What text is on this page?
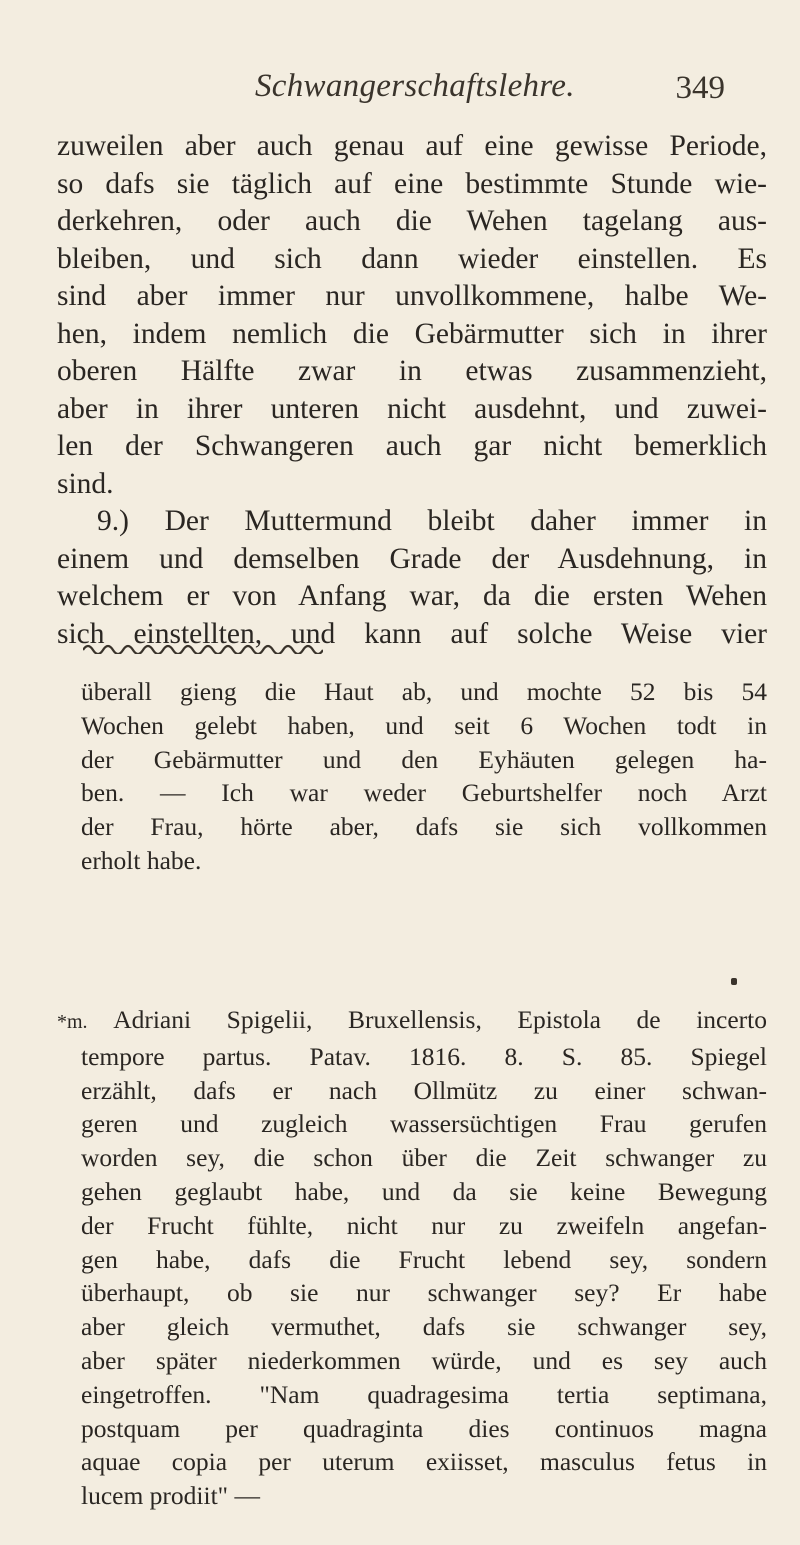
Schwangerschaftslehre.	349
zuweilen aber auch genau auf eine gewisse Periode,
so dafs sie täglich auf eine bestimmte Stunde wie-
derkehren, oder auch die Wehen tagelang aus-
bleiben, und sich dann wieder einstellen. Es
sind aber immer nur unvollkommene, halbe We-
hen, indem nemlich die Gebärmutter sich in ihrer
oberen Hälfte zwar in etwas zusammenzieht,
aber in ihrer unteren nicht ausdehnt, und zuwei-
len der Schwangeren auch gar nicht bemerklich
sind.
9.) Der Muttermund bleibt daher immer in
einem und demselben Grade der Ausdehnung, in
welchem er von Anfang war, da die ersten Wehen
sich einstellten, und kann auf solche Weise vier
überall gieng die Haut ab, und mochte 52 bis 54
Wochen gelebt haben, und seit 6 Wochen todt in
der Gebärmutter und den Eyhäuten gelegen ha-
ben. — Ich war weder Geburtshelfer noch Arzt
der Frau, hörte aber, dafs sie sich vollkommen
erholt habe.
*m. Adriani Spigelii, Bruxellensis, Epistola de incerto
tempore partus. Patav. 1816. 8. S. 85. Spiegel
erzählt, dafs er nach Ollmütz zu einer schwan-
geren und zugleich wassersüchtigen Frau gerufen
worden sey, die schon über die Zeit schwanger zu
gehen geglaubt habe, und da sie keine Bewegung
der Frucht fühlte, nicht nur zu zweifeln angefan-
gen habe, dafs die Frucht lebend sey, sondern
überhaupt, ob sie nur schwanger sey? Er habe
aber gleich vermuthet, dafs sie schwanger sey,
aber später niederkommen würde, und es sey auch
eingetroffen. "Nam quadragesima tertia septimana,
postquam per quadraginta dies continuos magna
aquae copia per uterum exiisset, masculus fetus in
lucem prodiit" —
